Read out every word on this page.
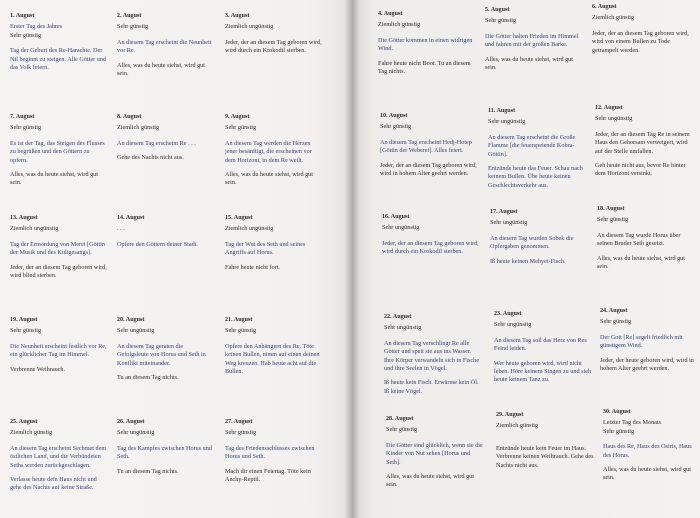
1. August

Erster Tag des Jahres

Sehr günstig

Tag der Geburt des Re-Harachte. Der Nil beginnt zu steigen. Alle Götter und das Volk feiern.

2. August
Sehr günstig

An diesem Tag erscheint die Neunheit vor Re.

Alles, was du heute siehst, wird gut sein.

3. August
Ziemlich ungünstig

Jeder, der an diesem Tag geboren wird, wird durch ein Krokodil sterben.

7. August
Sehr günstig

Es ist der Tag, das Steigen des Flusses zu begrüßen und den Göttern zu opfern.

Alles, was du heute siehst, wird gut sein.

8. August
Ziemlich günstig

An diesem Tag erscheint Re . . .

Gehe des Nachts nicht aus.

9. August
Sehr günstig

An diesem Tag werden die Herzen jener besänftigt, die erscheinen vor dem Horizont, in dem Re weilt.

Alles, was du heute siehst, wird gut sein.

13. August
Ziemlich ungünstig

Tag der Ermordung von Meret [Göttin der Musik und des Kultgesangs].

Jeder, der an diesem Tag geboren wird, wird blind sterben.

14. August
. . .

Opfere den Göttern deiner Stadt.

15. August
Ziemlich ungünstig

Tag der Wut des Seth und seines Angriffs auf Horus.

Fahre heute nicht fort.

19. August
Sehr günstig

Die Neunheit erscheint festlich vor Re, ein glücklicher Tag im Himmel.

Verbrenne Weihrauch.

20. August
Sehr ungünstig

An diesem Tag geraten die Gefolgsleute von Horus und Seth in Konflikt miteinander.

Tu an diesem Tag nichts.

21. August
Sehr günstig

Opfere den Anhängern des Re. Töte keinen Bullen, nimm auf einen deinen Weg kreuzen. Hab heute acht auf die Bullen.

25. August
Ziemlich günstig

An diesem Tag erscheint Sechmet dem östlichen Land, und die Verbündeten Seths werden zurückgeschlagen.

Verlasse heute dein Haus nicht und gehe des Nachts auf keine Straße.

26. August
Sehr ungünstig

Tag des Kampfes zwischen Horus und Seth.

Tu an diesem Tag nichts.

27. August
Sehr günstig

Tag des Friedensschlusses zwischen Horus und Seth.

Mach dir einen Feiertag. Töte kein Anchy-Reptil.

4. August
Ziemlich günstig

Die Götter kommen in einen widrigen Wind.

Fahre heute nicht Boot. Tu an diesem Tag nichts.

5. August
Sehr günstig

Die Götter halten Frieden im Himmel und fahren mit der großen Barke.

Alles, was du heute siehst, wird gut sein.

6. August
Ziemlich günstig

Jeder, der an diesem Tag geboren wird, wird von einem Bullen zu Tode getrampelt werden.

10. August
Sehr günstig

An diesem Tag erscheint Hedj-Hotep [Göttin der Weberei]. Alles feiert.

Jeder, der an diesem Tag geboren wird, wird in hohem Alter geehrt werden.

11. August
Sehr ungünstig

An diesem Tag erscheint die Große Flamme [die feuerspeiende Kobra-Göttin].

Entzünde heute das Feuer. Schau nach keinem Bullen. Übe heute keinen Geschlechtsverkehr aus.

12. August
Sehr ungünstig

Jeder, der an diesem Tag Re in seinem Haus den Gehorsam verweigert, wird auf der Stelle umfallen.

Geh heute nicht aus, bevor Re hinter dem Horizont versinkt.

16. August
Sehr ungünstig

Jeder, der an diesem Tag geboren wird, wird durch ein Krokodil sterben.

17. August
Sehr ungünstig

An diesem Tag wurden Sobek die Opfergaben genommen.

Iß heute keinen Mehyet-Fisch.

18. August
Sehr günstig

An diesem Tag wurde Horus über seinen Bruder Seth gesetzt.

Alles, was du heute siehst, wird gut sein.

22. August
Sehr ungünstig

An diesem Tag verschlingt Re alle Götter und speit sie aus ins Wasser. Ihre Körper verwandeln sich in Fische und ihre Seelen in Vögel.

Iß heute kein Fisch. Erwärme kein Öl. Iß keine Vögel.

23. August
Sehr ungünstig

An diesem Tag soll das Herz von Res Feind leiden.

Wer heute geboren wird, wird nicht leben. Höre keinem Singen zu und sieh heute keinem Tanz zu.

24. August
Sehr günstig

Der Gott [Re] segelt friedlich mit günstigem Wind.

Jeder, der heute geboren wird, wird in hohem Alter geehrt werden.

28. August
Sehr günstig

Die Götter sind glücklich, wenn sie die Kinder von Nut sehen [Horus und Seth].

Alles, was du heute siehst, wird gut sein.

29. August
Ziemlich günstig

Entzünde heute kein Feuer im Haus. Verbrenne keinen Weihrauch. Gehe des Nachts nicht aus.

30. August

Letzter Tag des Monats

Sehr günstig

Haus des Re, Haus des Osiris, Haus des Horus.

Alles, was du heute siehst, wird gut sein.
